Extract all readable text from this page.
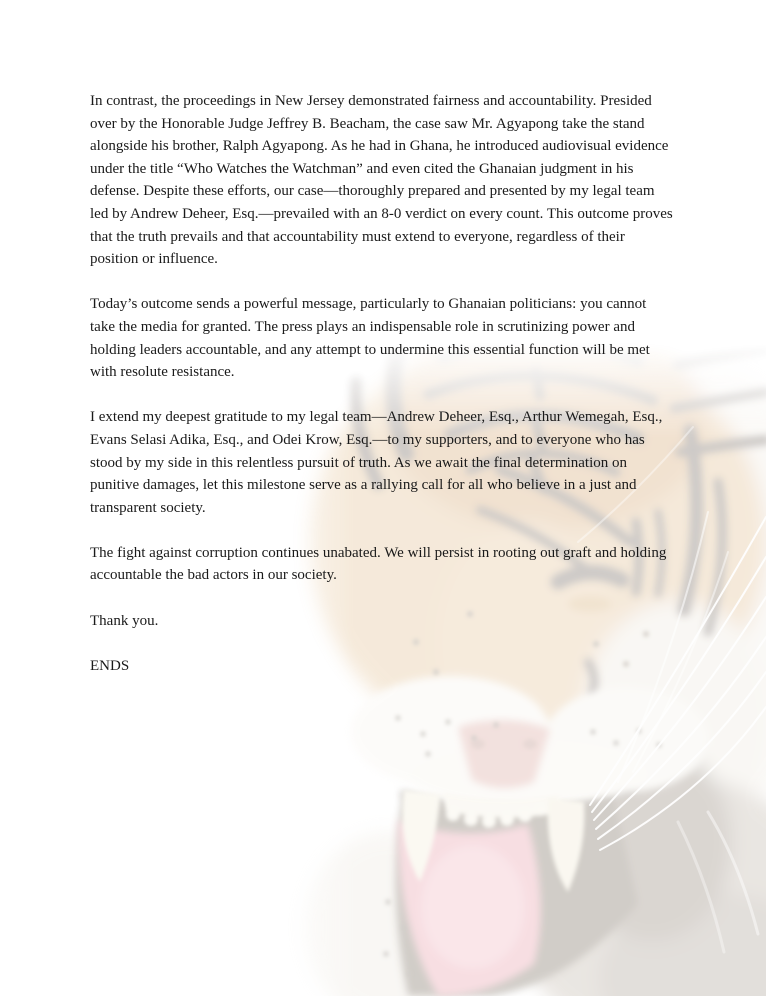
In contrast, the proceedings in New Jersey demonstrated fairness and accountability. Presided
over by the Honorable Judge Jeffrey B. Beacham, the case saw Mr. Agyapong take the stand
alongside his brother, Ralph Agyapong. As he had in Ghana, he introduced audiovisual evidence
under the title “Who Watches the Watchman” and even cited the Ghanaian judgment in his
defense. Despite these efforts, our case—thoroughly prepared and presented by my legal team
led by Andrew Deheer, Esq.—prevailed with an 8-0 verdict on every count. This outcome proves
that the truth prevails and that accountability must extend to everyone, regardless of their
position or influence.

Today’s outcome sends a powerful message, particularly to Ghanaian politicians: you cannot
take the media for granted. The press plays an indispensable role in scrutinizing power and
holding leaders accountable, and any attempt to undermine this essential function will be met
with resolute resistance.

I extend my deepest gratitude to my legal team—Andrew Deheer, Esq., Arthur Wemegah, Esq.,
Evans Selasi Adika, Esq., and Odei Krow, Esq.—to my supporters, and to everyone who has
stood by my side in this relentless pursuit of truth. As we await the final determination on
punitive damages, let this milestone serve as a rallying call for all who believe in a just and
transparent society.

The fight against corruption continues unabated. We will persist in rooting out graft and holding
accountable the bad actors in our society.

Thank you.

ENDS
